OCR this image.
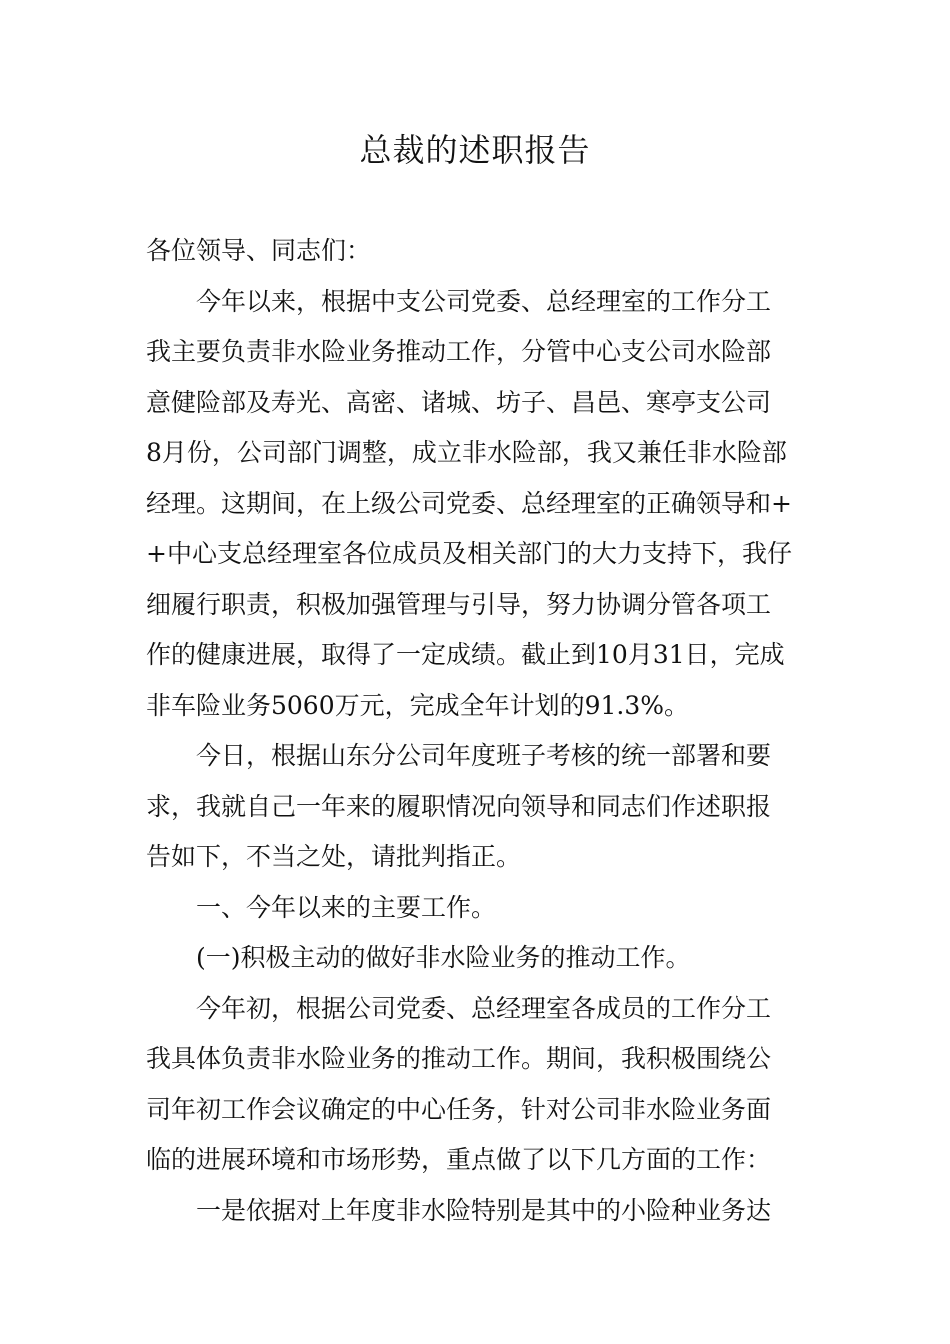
总裁的述职报告
各位领导、同志们：
今年以来，根据中支公司党委、总经理室的工作分工
我主要负责非水险业务推动工作，分管中心支公司水险部
意健险部及寿光、高密、诸城、坊子、昌邑、寒亭支公司
8月份，公司部门调整，成立非水险部，我又兼任非水险部
经理。这期间，在上级公司党委、总经理室的正确领导和+
+中心支总经理室各位成员及相关部门的大力支持下，我仔
细履行职责，积极加强管理与引导，努力协调分管各项工
作的健康进展，取得了一定成绩。截止到10月31日，完成
非车险业务5060万元，完成全年计划的91.3%。
今日，根据山东分公司年度班子考核的统一部署和要
求，我就自己一年来的履职情况向领导和同志们作述职报
告如下，不当之处，请批判指正。
一、今年以来的主要工作。
(一)积极主动的做好非水险业务的推动工作。
今年初，根据公司党委、总经理室各成员的工作分工
我具体负责非水险业务的推动工作。期间，我积极围绕公
司年初工作会议确定的中心任务，针对公司非水险业务面
临的进展环境和市场形势，重点做了以下几方面的工作：
一是依据对上年度非水险特别是其中的小险种业务达
